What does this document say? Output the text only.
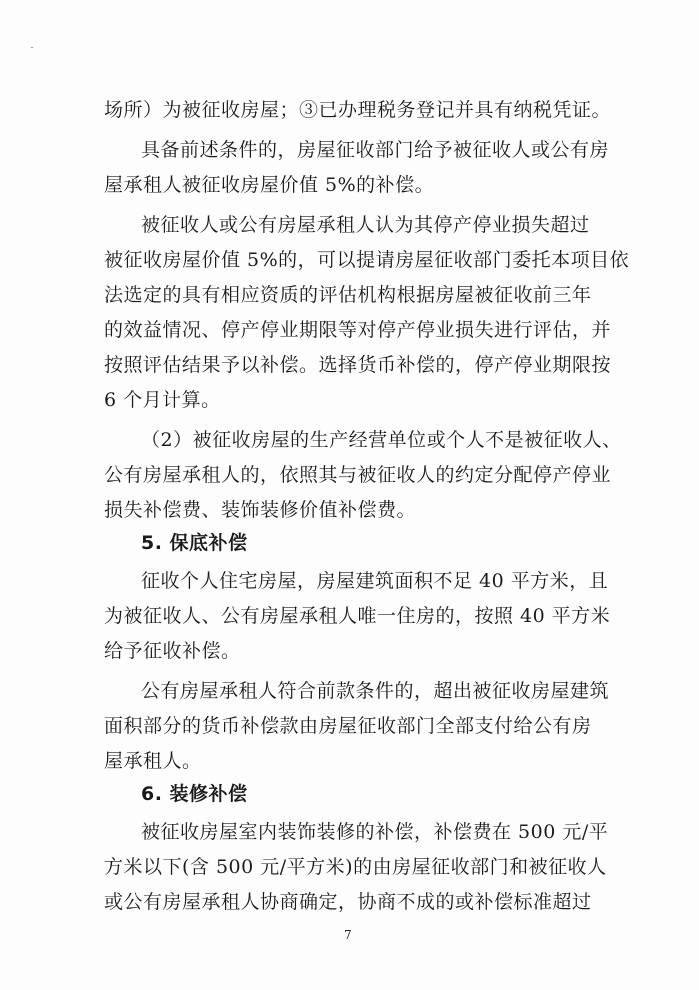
场所）为被征收房屋；③已办理税务登记并具有纳税凭证。
具备前述条件的，房屋征收部门给予被征收人或公有房
屋承租人被征收房屋价值 5%的补偿。
被征收人或公有房屋承租人认为其停产停业损失超过
被征收房屋价值 5%的，可以提请房屋征收部门委托本项目依
法选定的具有相应资质的评估机构根据房屋被征收前三年
的效益情况、停产停业期限等对停产停业损失进行评估，并
按照评估结果予以补偿。选择货币补偿的，停产停业期限按
6 个月计算。
（2）被征收房屋的生产经营单位或个人不是被征收人、
公有房屋承租人的，依照其与被征收人的约定分配停产停业
损失补偿费、装饰装修价值补偿费。
5. 保底补偿
征收个人住宅房屋，房屋建筑面积不足 40 平方米，且
为被征收人、公有房屋承租人唯一住房的，按照 40 平方米
给予征收补偿。
公有房屋承租人符合前款条件的，超出被征收房屋建筑
面积部分的货币补偿款由房屋征收部门全部支付给公有房
屋承租人。
6. 装修补偿
被征收房屋室内装饰装修的补偿，补偿费在 500 元/平
方米以下(含 500 元/平方米)的由房屋征收部门和被征收人
或公有房屋承租人协商确定，协商不成的或补偿标准超过
7
